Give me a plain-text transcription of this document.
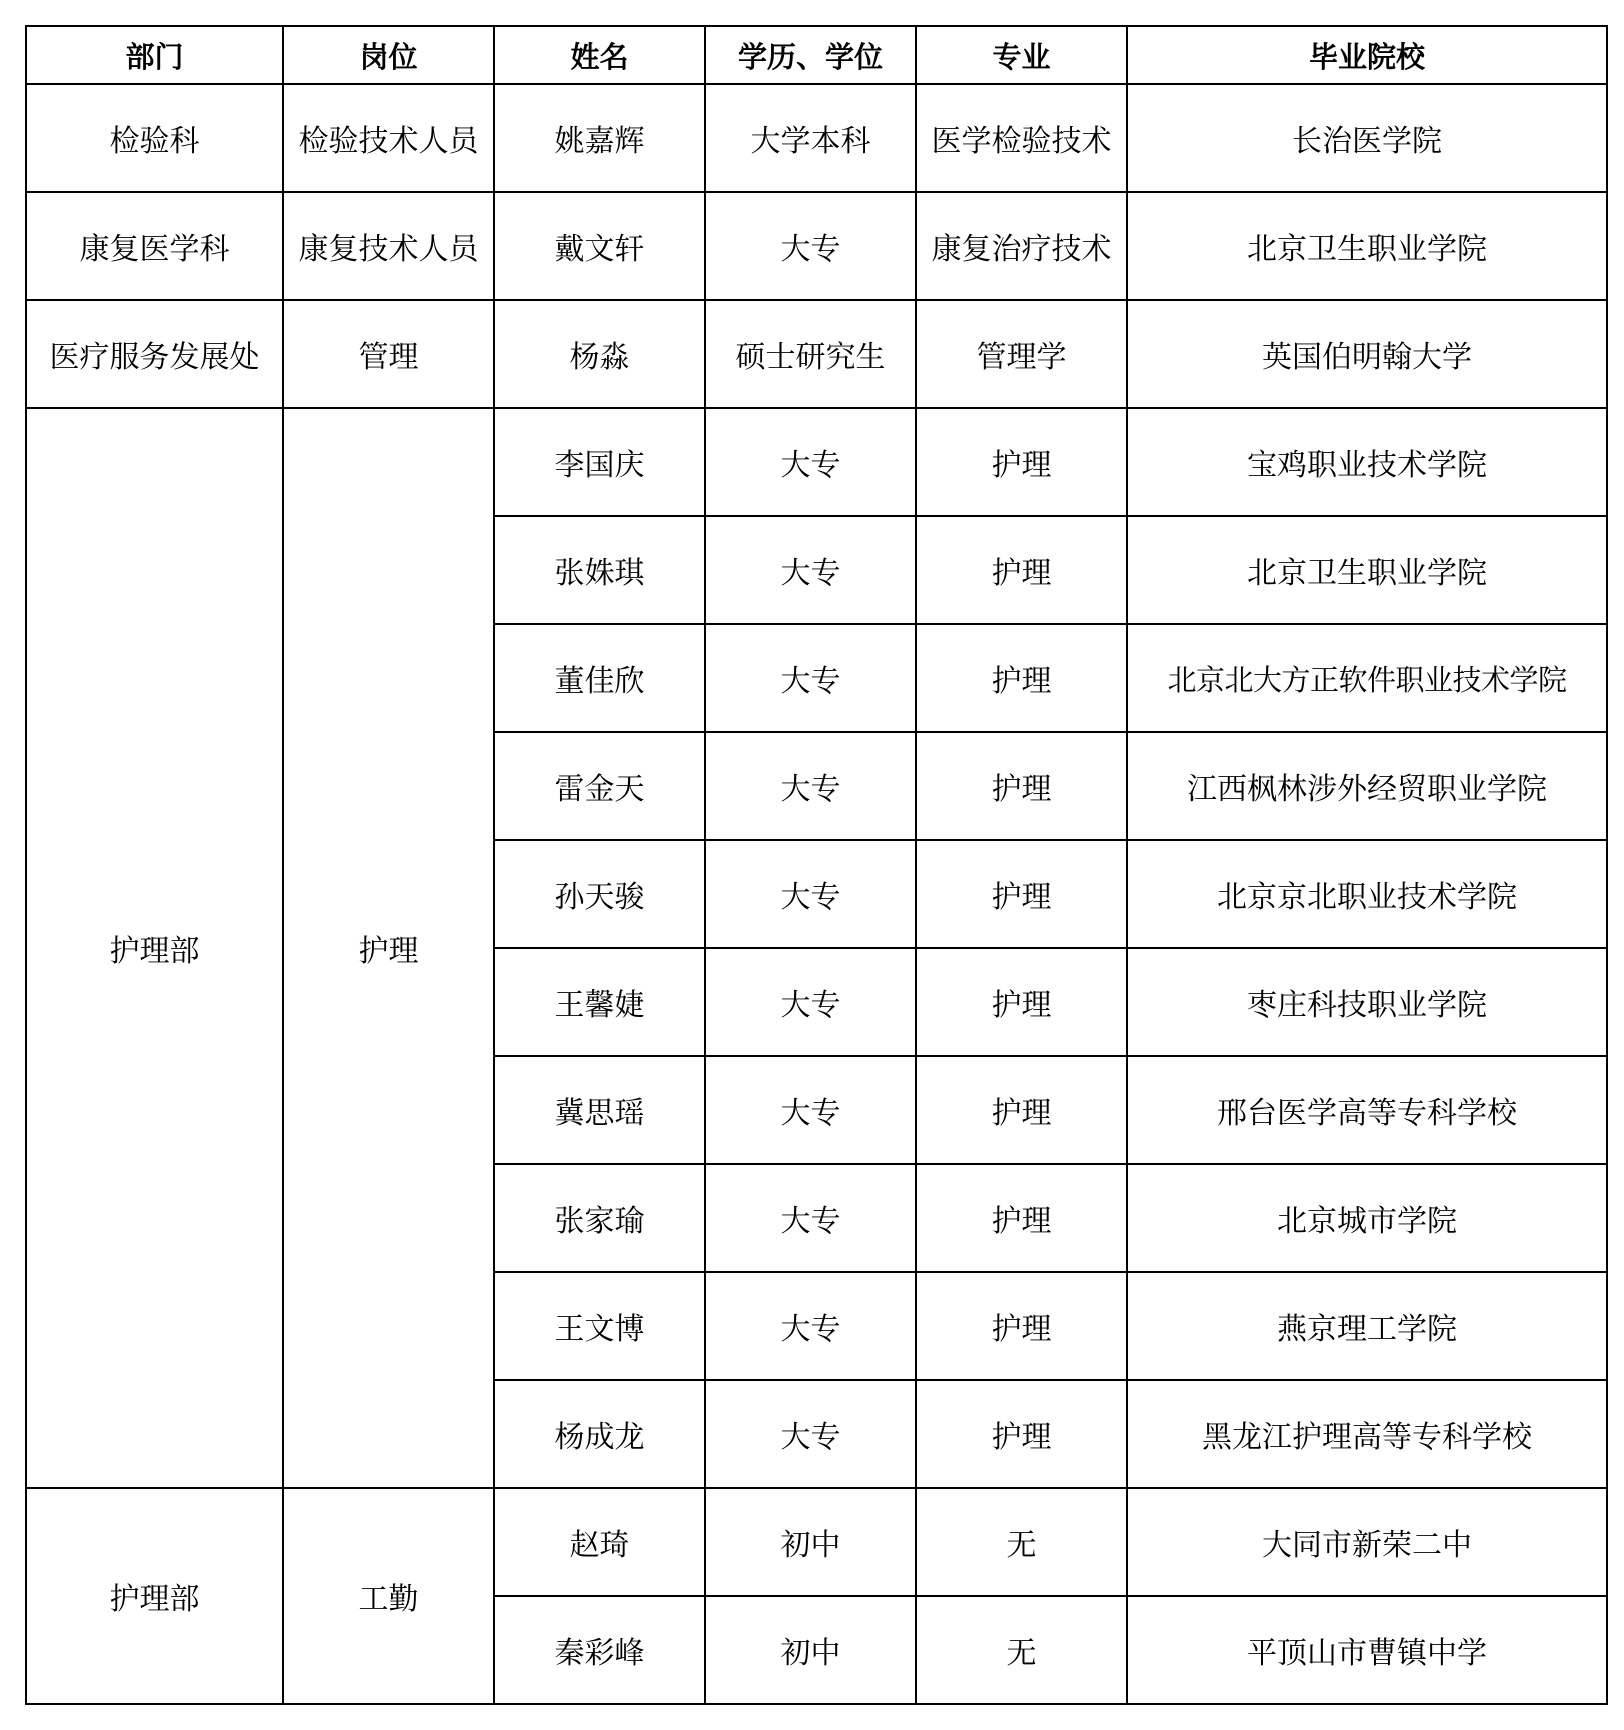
部门	岗位	姓名	学历、学位	专业	毕业院校
检验科	检验技术人员	姚嘉辉	大学本科	医学检验技术	长治医学院
康复医学科	康复技术人员	戴文轩	大专	康复治疗技术	北京卫生职业学院
医疗服务发展处	管理	杨淼	硕士研究生	管理学	英国伯明翰大学
护理部	护理	李国庆	大专	护理	宝鸡职业技术学院
		张姝琪	大专	护理	北京卫生职业学院
		董佳欣	大专	护理	北京北大方正软件职业技术学院
		雷金天	大专	护理	江西枫林涉外经贸职业学院
		孙天骏	大专	护理	北京京北职业技术学院
		王馨婕	大专	护理	枣庄科技职业学院
		冀思瑶	大专	护理	邢台医学高等专科学校
		张家瑜	大专	护理	北京城市学院
		王文博	大专	护理	燕京理工学院
		杨成龙	大专	护理	黑龙江护理高等专科学校
护理部	工勤	赵琦	初中	无	大同市新荣二中
		秦彩峰	初中	无	平顶山市曹镇中学
